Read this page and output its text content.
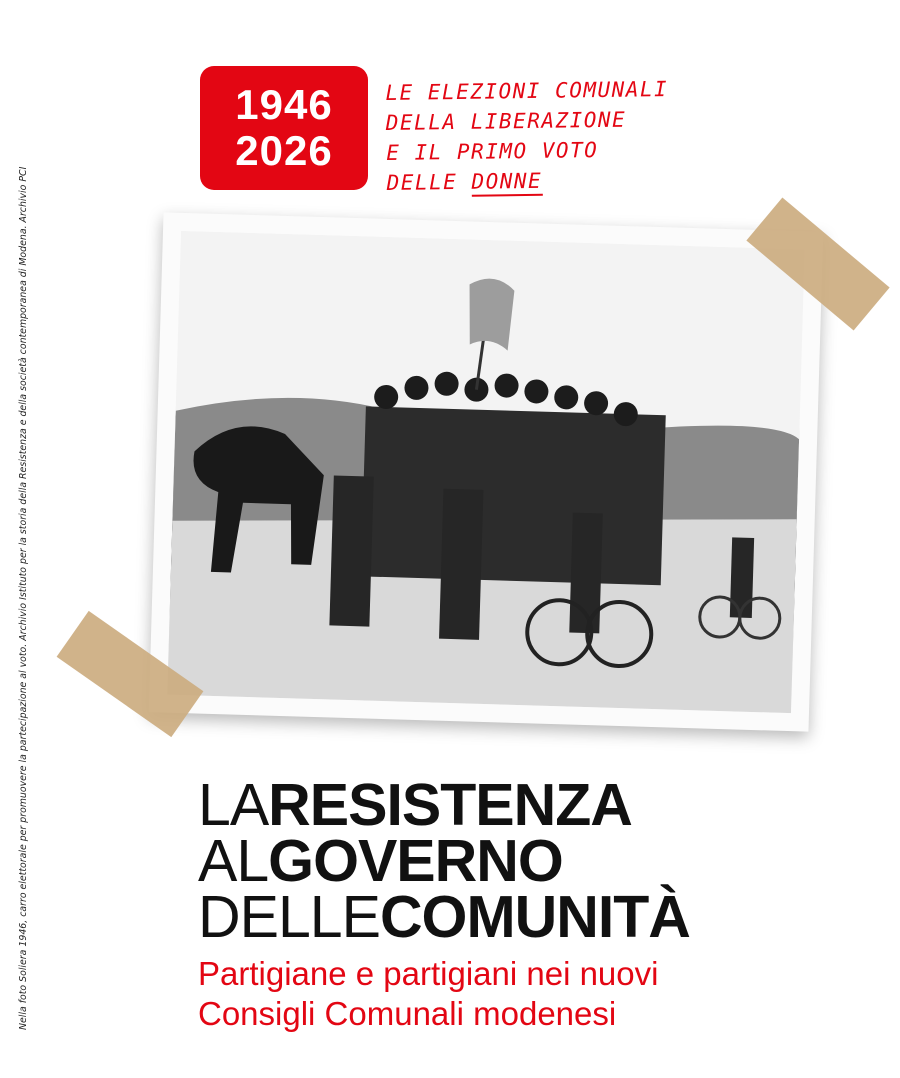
Nella foto Soliera 1946, carro elettorale per promuovere la partecipazione al voto. Archivio Istituto per la storia della Resistenza e della società contemporanea di Modena. Archivio PCI
1946
2026
LE ELEZIONI COMUNALI
DELLA LIBERAZIONE
E IL PRIMO VOTO
DELLE DONNE
LARESISTENZA
ALGOVERNO
DELLECOMUNITÀ
Partigiane e partigiani nei nuovi
Consigli Comunali modenesi
